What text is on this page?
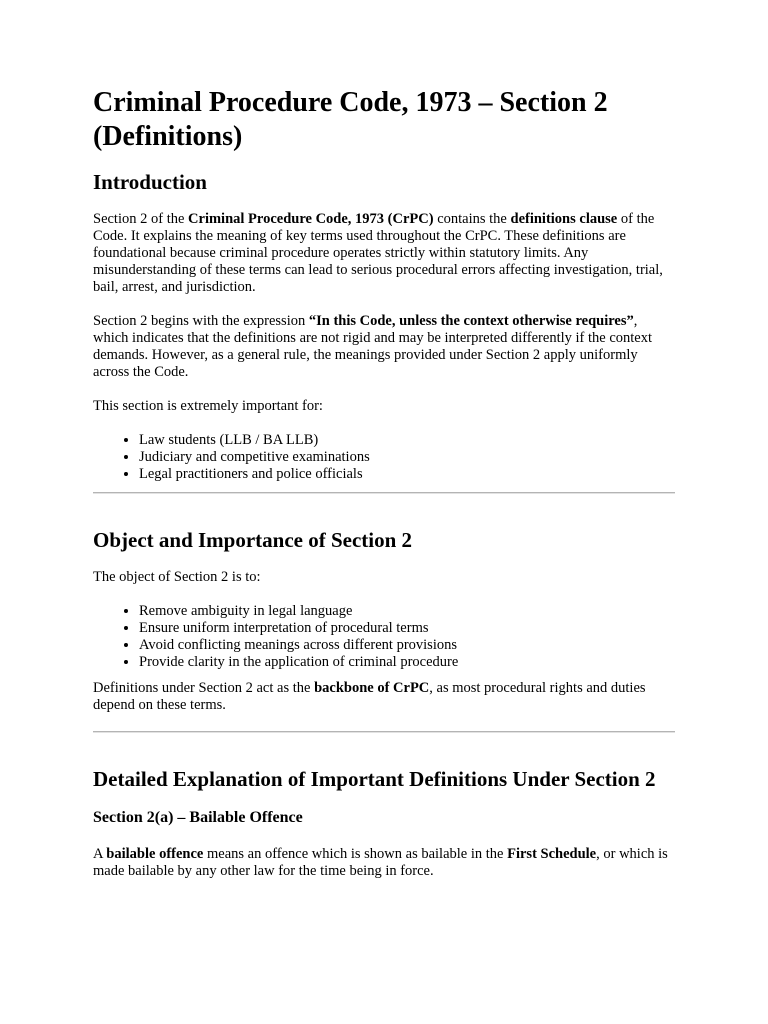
Criminal Procedure Code, 1973 – Section 2 (Definitions)
Introduction

Section 2 of the Criminal Procedure Code, 1973 (CrPC) contains the definitions clause of the Code. It explains the meaning of key terms used throughout the CrPC. These definitions are foundational because criminal procedure operates strictly within statutory limits. Any misunderstanding of these terms can lead to serious procedural errors affecting investigation, trial, bail, arrest, and jurisdiction.

Section 2 begins with the expression “In this Code, unless the context otherwise requires”, which indicates that the definitions are not rigid and may be interpreted differently if the context demands. However, as a general rule, the meanings provided under Section 2 apply uniformly across the Code.

This section is extremely important for:

• Law students (LLB / BA LLB)
• Judiciary and competitive examinations
• Legal practitioners and police officials
Object and Importance of Section 2

The object of Section 2 is to:

• Remove ambiguity in legal language
• Ensure uniform interpretation of procedural terms
• Avoid conflicting meanings across different provisions
• Provide clarity in the application of criminal procedure

Definitions under Section 2 act as the backbone of CrPC, as most procedural rights and duties depend on these terms.

Detailed Explanation of Important Definitions Under Section 2
Section 2(a) – Bailable Offence

A bailable offence means an offence which is shown as bailable in the First Schedule, or which is made bailable by any other law for the time being in force.
